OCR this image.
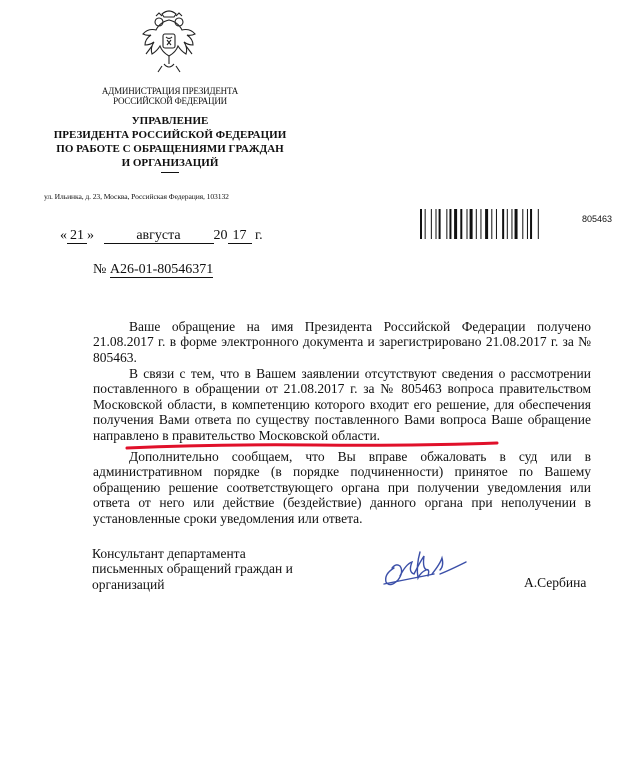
АДМИНИСТРАЦИЯ ПРЕЗИДЕНТА
РОССИЙСКОЙ ФЕДЕРАЦИИ
УПРАВЛЕНИЕ
ПРЕЗИДЕНТА РОССИЙСКОЙ ФЕДЕРАЦИИ
ПО РАБОТЕ С ОБРАЩЕНИЯМИ ГРАЖДАН
И ОРГАНИЗАЦИЙ
ул. Ильинка, д. 23, Москва, Российская Федерация, 103132
805463
« 21 »	августа 20 17 г.
№ А26-01-80546371

Ваше обращение на имя Президента Российской Федерации получено 21.08.2017 г. в форме электронного документа и зарегистрировано 21.08.2017 г. за № 805463.

В связи с тем, что в Вашем заявлении отсутствуют сведения о рассмотрении поставленного в обращении от 21.08.2017 г. за № 805463 вопроса правительством Московской области, в компетенцию которого входит его решение, для обеспечения получения Вами ответа по существу поставленного Вами вопроса Ваше обращение направлено в правительство Московской области.

Дополнительно сообщаем, что Вы вправе обжаловать в суд или в административном порядке (в порядке подчиненности) принятое по Вашему обращению решение соответствующего органа при получении уведомления или ответа от него или действие (бездействие) данного органа при неполучении в установленные сроки уведомления или ответа.

Консультант департамента
письменных обращений граждан и
организаций	А.Сербина
